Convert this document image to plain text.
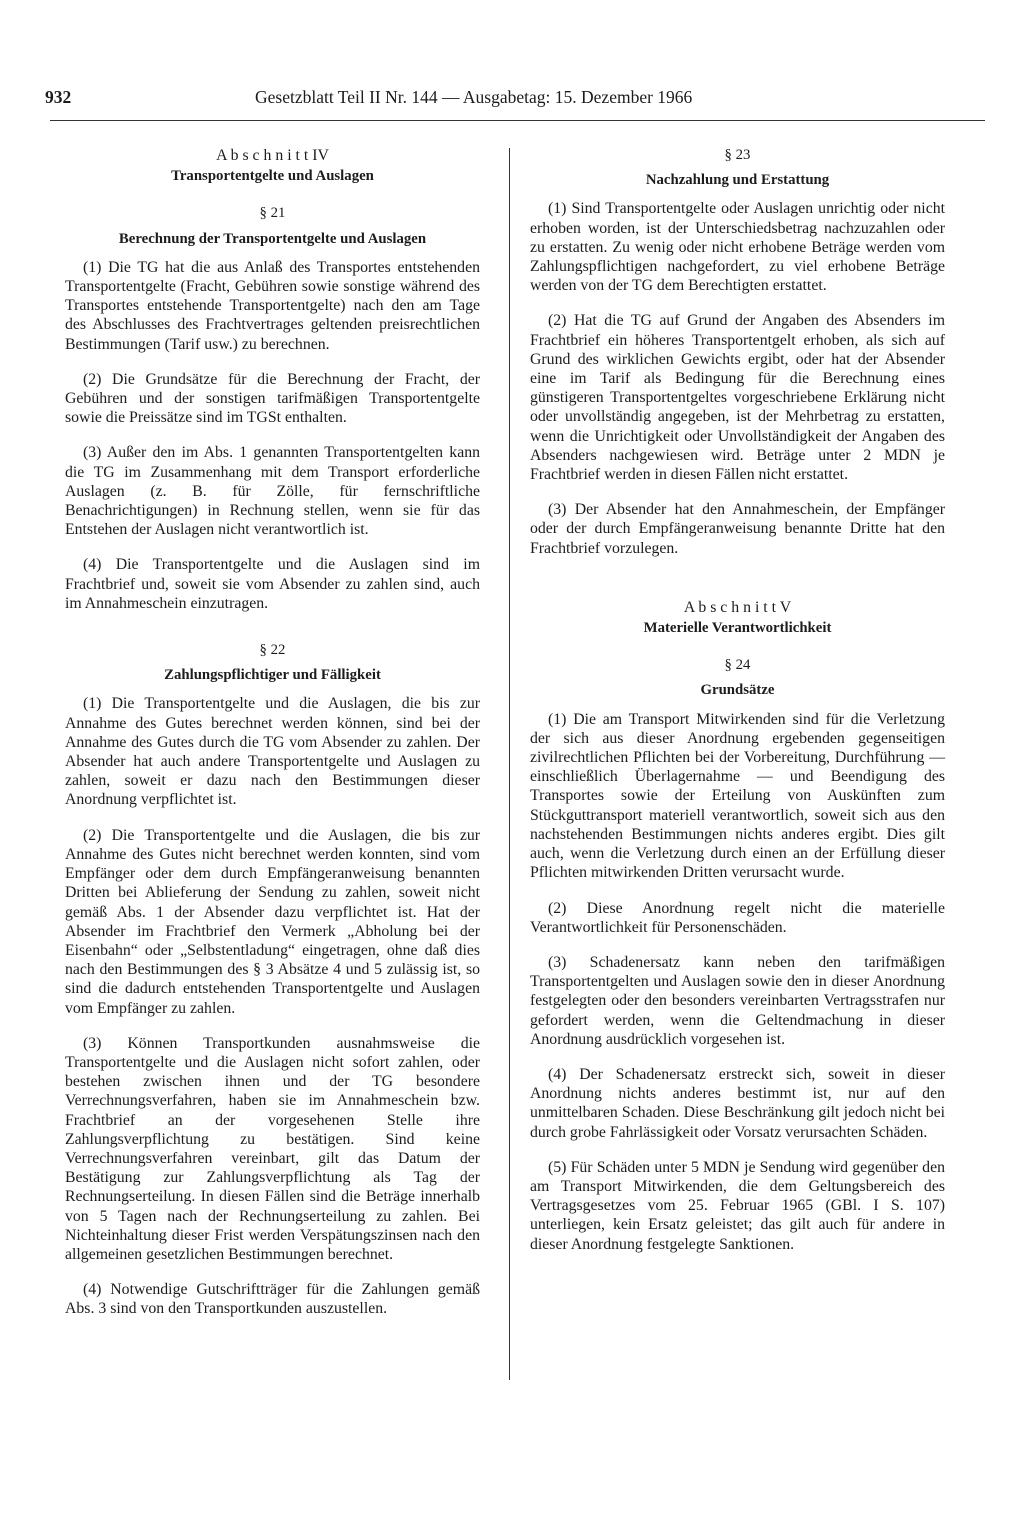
932	Gesetzblatt Teil II Nr. 144 — Ausgabetag: 15. Dezember 1966
A b s c h n i t t IV
Transportentgelte und Auslagen
§ 21
Berechnung der Transportentgelte und Auslagen

(1) Die TG hat die aus Anlaß des Transportes entstehenden Transportentgelte (Fracht, Gebühren sowie sonstige während des Transportes entstehende Transportentgelte) nach den am Tage des Abschlusses des Frachtvertrages geltenden preisrechtlichen Bestimmungen (Tarif usw.) zu berechnen.

(2) Die Grundsätze für die Berechnung der Fracht, der Gebühren und der sonstigen tarifmäßigen Transportentgelte sowie die Preissätze sind im TGSt enthalten.

(3) Außer den im Abs. 1 genannten Transportentgelten kann die TG im Zusammenhang mit dem Transport erforderliche Auslagen (z. B. für Zölle, für fernschriftliche Benachrichtigungen) in Rechnung stellen, wenn sie für das Entstehen der Auslagen nicht verantwortlich ist.

(4) Die Transportentgelte und die Auslagen sind im Frachtbrief und, soweit sie vom Absender zu zahlen sind, auch im Annahmeschein einzutragen.

§ 22
Zahlungspflichtiger und Fälligkeit

(1) Die Transportentgelte und die Auslagen, die bis zur Annahme des Gutes berechnet werden können, sind bei der Annahme des Gutes durch die TG vom Absender zu zahlen. Der Absender hat auch andere Transportentgelte und Auslagen zu zahlen, soweit er dazu nach den Bestimmungen dieser Anordnung verpflichtet ist.

(2) Die Transportentgelte und die Auslagen, die bis zur Annahme des Gutes nicht berechnet werden konnten, sind vom Empfänger oder dem durch Empfängeranweisung benannten Dritten bei Ablieferung der Sendung zu zahlen, soweit nicht gemäß Abs. 1 der Absender dazu verpflichtet ist. Hat der Absender im Frachtbrief den Vermerk „Abholung bei der Eisenbahn“ oder „Selbstentladung“ eingetragen, ohne daß dies nach den Bestimmungen des § 3 Absätze 4 und 5 zulässig ist, so sind die dadurch entstehenden Transportentgelte und Auslagen vom Empfänger zu zahlen.

(3) Können Transportkunden ausnahmsweise die Transportentgelte und die Auslagen nicht sofort zahlen, oder bestehen zwischen ihnen und der TG besondere Verrechnungsverfahren, haben sie im Annahmeschein bzw. Frachtbrief an der vorgesehenen Stelle ihre Zahlungsverpflichtung zu bestätigen. Sind keine Verrechnungsverfahren vereinbart, gilt das Datum der Bestätigung zur Zahlungsverpflichtung als Tag der Rechnungserteilung. In diesen Fällen sind die Beträge innerhalb von 5 Tagen nach der Rechnungserteilung zu zahlen. Bei Nichteinhaltung dieser Frist werden Verspätungszinsen nach den allgemeinen gesetzlichen Bestimmungen berechnet.

(4) Notwendige Gutschriftträger für die Zahlungen gemäß Abs. 3 sind von den Transportkunden auszustellen.

§ 23
Nachzahlung und Erstattung

(1) Sind Transportentgelte oder Auslagen unrichtig oder nicht erhoben worden, ist der Unterschiedsbetrag nachzuzahlen oder zu erstatten. Zu wenig oder nicht erhobene Beträge werden vom Zahlungspflichtigen nachgefordert, zu viel erhobene Beträge werden von der TG dem Berechtigten erstattet.

(2) Hat die TG auf Grund der Angaben des Absenders im Frachtbrief ein höheres Transportentgelt erhoben, als sich auf Grund des wirklichen Gewichts ergibt, oder hat der Absender eine im Tarif als Bedingung für die Berechnung eines günstigeren Transportentgeltes vorgeschriebene Erklärung nicht oder unvollständig angegeben, ist der Mehrbetrag zu erstatten, wenn die Unrichtigkeit oder Unvollständigkeit der Angaben des Absenders nachgewiesen wird. Beträge unter 2 MDN je Frachtbrief werden in diesen Fällen nicht erstattet.

(3) Der Absender hat den Annahmeschein, der Empfänger oder der durch Empfängeranweisung benannte Dritte hat den Frachtbrief vorzulegen.

A b s c h n i t t V
Materielle Verantwortlichkeit
§ 24
Grundsätze

(1) Die am Transport Mitwirkenden sind für die Verletzung der sich aus dieser Anordnung ergebenden gegenseitigen zivilrechtlichen Pflichten bei der Vorbereitung, Durchführung — einschließlich Überlagernahme — und Beendigung des Transportes sowie der Erteilung von Auskünften zum Stückguttransport materiell verantwortlich, soweit sich aus den nachstehenden Bestimmungen nichts anderes ergibt. Dies gilt auch, wenn die Verletzung durch einen an der Erfüllung dieser Pflichten mitwirkenden Dritten verursacht wurde.

(2) Diese Anordnung regelt nicht die materielle Verantwortlichkeit für Personenschäden.

(3) Schadenersatz kann neben den tarifmäßigen Transportentgelten und Auslagen sowie den in dieser Anordnung festgelegten oder den besonders vereinbarten Vertragsstrafen nur gefordert werden, wenn die Geltendmachung in dieser Anordnung ausdrücklich vorgesehen ist.

(4) Der Schadenersatz erstreckt sich, soweit in dieser Anordnung nichts anderes bestimmt ist, nur auf den unmittelbaren Schaden. Diese Beschränkung gilt jedoch nicht bei durch grobe Fahrlässigkeit oder Vorsatz verursachten Schäden.

(5) Für Schäden unter 5 MDN je Sendung wird gegenüber den am Transport Mitwirkenden, die dem Geltungsbereich des Vertragsgesetzes vom 25. Februar 1965 (GBl. I S. 107) unterliegen, kein Ersatz geleistet; das gilt auch für andere in dieser Anordnung festgelegte Sanktionen.
